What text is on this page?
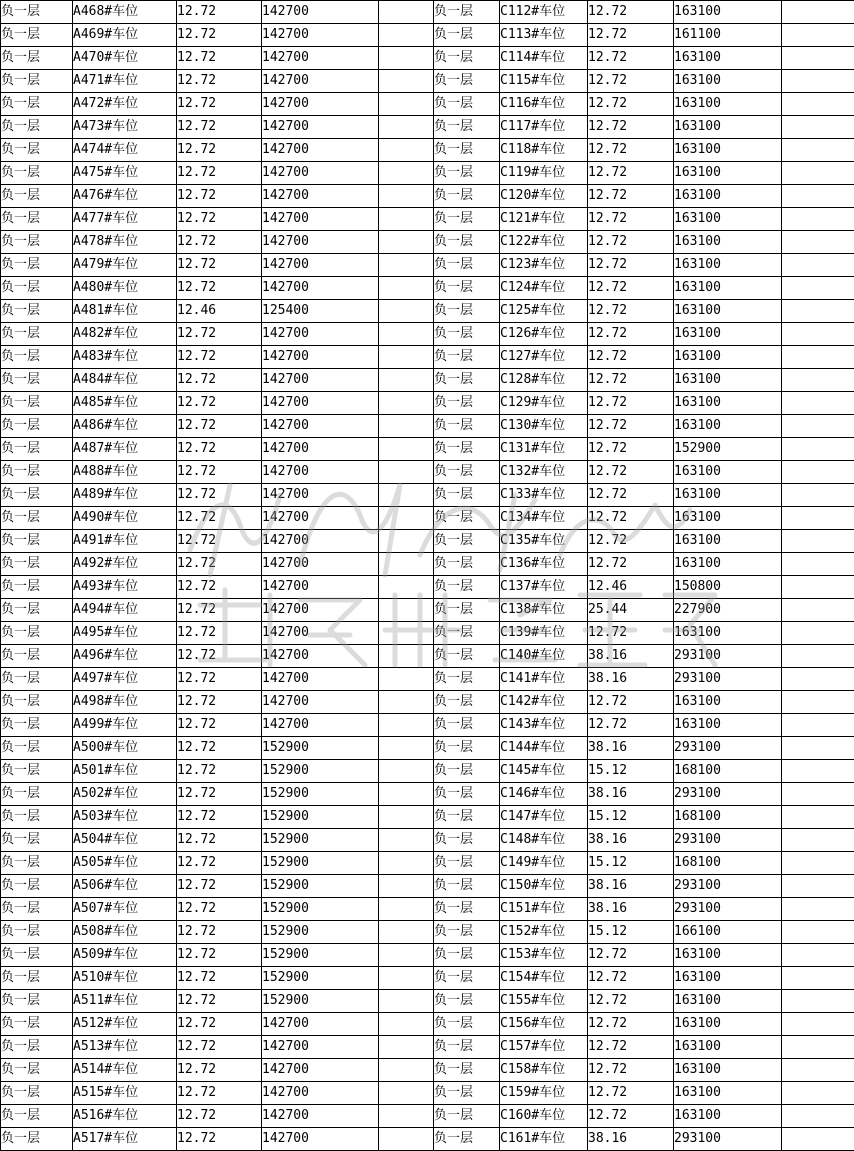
负一层	A468#车位	12.72	142700		负一层	C112#车位	12.72	163100	
负一层	A469#车位	12.72	142700		负一层	C113#车位	12.72	161100	
负一层	A470#车位	12.72	142700		负一层	C114#车位	12.72	163100	
负一层	A471#车位	12.72	142700		负一层	C115#车位	12.72	163100	
负一层	A472#车位	12.72	142700		负一层	C116#车位	12.72	163100	
负一层	A473#车位	12.72	142700		负一层	C117#车位	12.72	163100	
负一层	A474#车位	12.72	142700		负一层	C118#车位	12.72	163100	
负一层	A475#车位	12.72	142700		负一层	C119#车位	12.72	163100	
负一层	A476#车位	12.72	142700		负一层	C120#车位	12.72	163100	
负一层	A477#车位	12.72	142700		负一层	C121#车位	12.72	163100	
负一层	A478#车位	12.72	142700		负一层	C122#车位	12.72	163100	
负一层	A479#车位	12.72	142700		负一层	C123#车位	12.72	163100	
负一层	A480#车位	12.72	142700		负一层	C124#车位	12.72	163100	
负一层	A481#车位	12.46	125400		负一层	C125#车位	12.72	163100	
负一层	A482#车位	12.72	142700		负一层	C126#车位	12.72	163100	
负一层	A483#车位	12.72	142700		负一层	C127#车位	12.72	163100	
负一层	A484#车位	12.72	142700		负一层	C128#车位	12.72	163100	
负一层	A485#车位	12.72	142700		负一层	C129#车位	12.72	163100	
负一层	A486#车位	12.72	142700		负一层	C130#车位	12.72	163100	
负一层	A487#车位	12.72	142700		负一层	C131#车位	12.72	152900	
负一层	A488#车位	12.72	142700		负一层	C132#车位	12.72	163100	
负一层	A489#车位	12.72	142700		负一层	C133#车位	12.72	163100	
负一层	A490#车位	12.72	142700		负一层	C134#车位	12.72	163100	
负一层	A491#车位	12.72	142700		负一层	C135#车位	12.72	163100	
负一层	A492#车位	12.72	142700		负一层	C136#车位	12.72	163100	
负一层	A493#车位	12.72	142700		负一层	C137#车位	12.46	150800	
负一层	A494#车位	12.72	142700		负一层	C138#车位	25.44	227900	
负一层	A495#车位	12.72	142700		负一层	C139#车位	12.72	163100	
负一层	A496#车位	12.72	142700		负一层	C140#车位	38.16	293100	
负一层	A497#车位	12.72	142700		负一层	C141#车位	38.16	293100	
负一层	A498#车位	12.72	142700		负一层	C142#车位	12.72	163100	
负一层	A499#车位	12.72	142700		负一层	C143#车位	12.72	163100	
负一层	A500#车位	12.72	152900		负一层	C144#车位	38.16	293100	
负一层	A501#车位	12.72	152900		负一层	C145#车位	15.12	168100	
负一层	A502#车位	12.72	152900		负一层	C146#车位	38.16	293100	
负一层	A503#车位	12.72	152900		负一层	C147#车位	15.12	168100	
负一层	A504#车位	12.72	152900		负一层	C148#车位	38.16	293100	
负一层	A505#车位	12.72	152900		负一层	C149#车位	15.12	168100	
负一层	A506#车位	12.72	152900		负一层	C150#车位	38.16	293100	
负一层	A507#车位	12.72	152900		负一层	C151#车位	38.16	293100	
负一层	A508#车位	12.72	152900		负一层	C152#车位	15.12	166100	
负一层	A509#车位	12.72	152900		负一层	C153#车位	12.72	163100	
负一层	A510#车位	12.72	152900		负一层	C154#车位	12.72	163100	
负一层	A511#车位	12.72	152900		负一层	C155#车位	12.72	163100	
负一层	A512#车位	12.72	142700		负一层	C156#车位	12.72	163100	
负一层	A513#车位	12.72	142700		负一层	C157#车位	12.72	163100	
负一层	A514#车位	12.72	142700		负一层	C158#车位	12.72	163100	
负一层	A515#车位	12.72	142700		负一层	C159#车位	12.72	163100	
负一层	A516#车位	12.72	142700		负一层	C160#车位	12.72	163100	
负一层	A517#车位	12.72	142700		负一层	C161#车位	38.16	293100	
